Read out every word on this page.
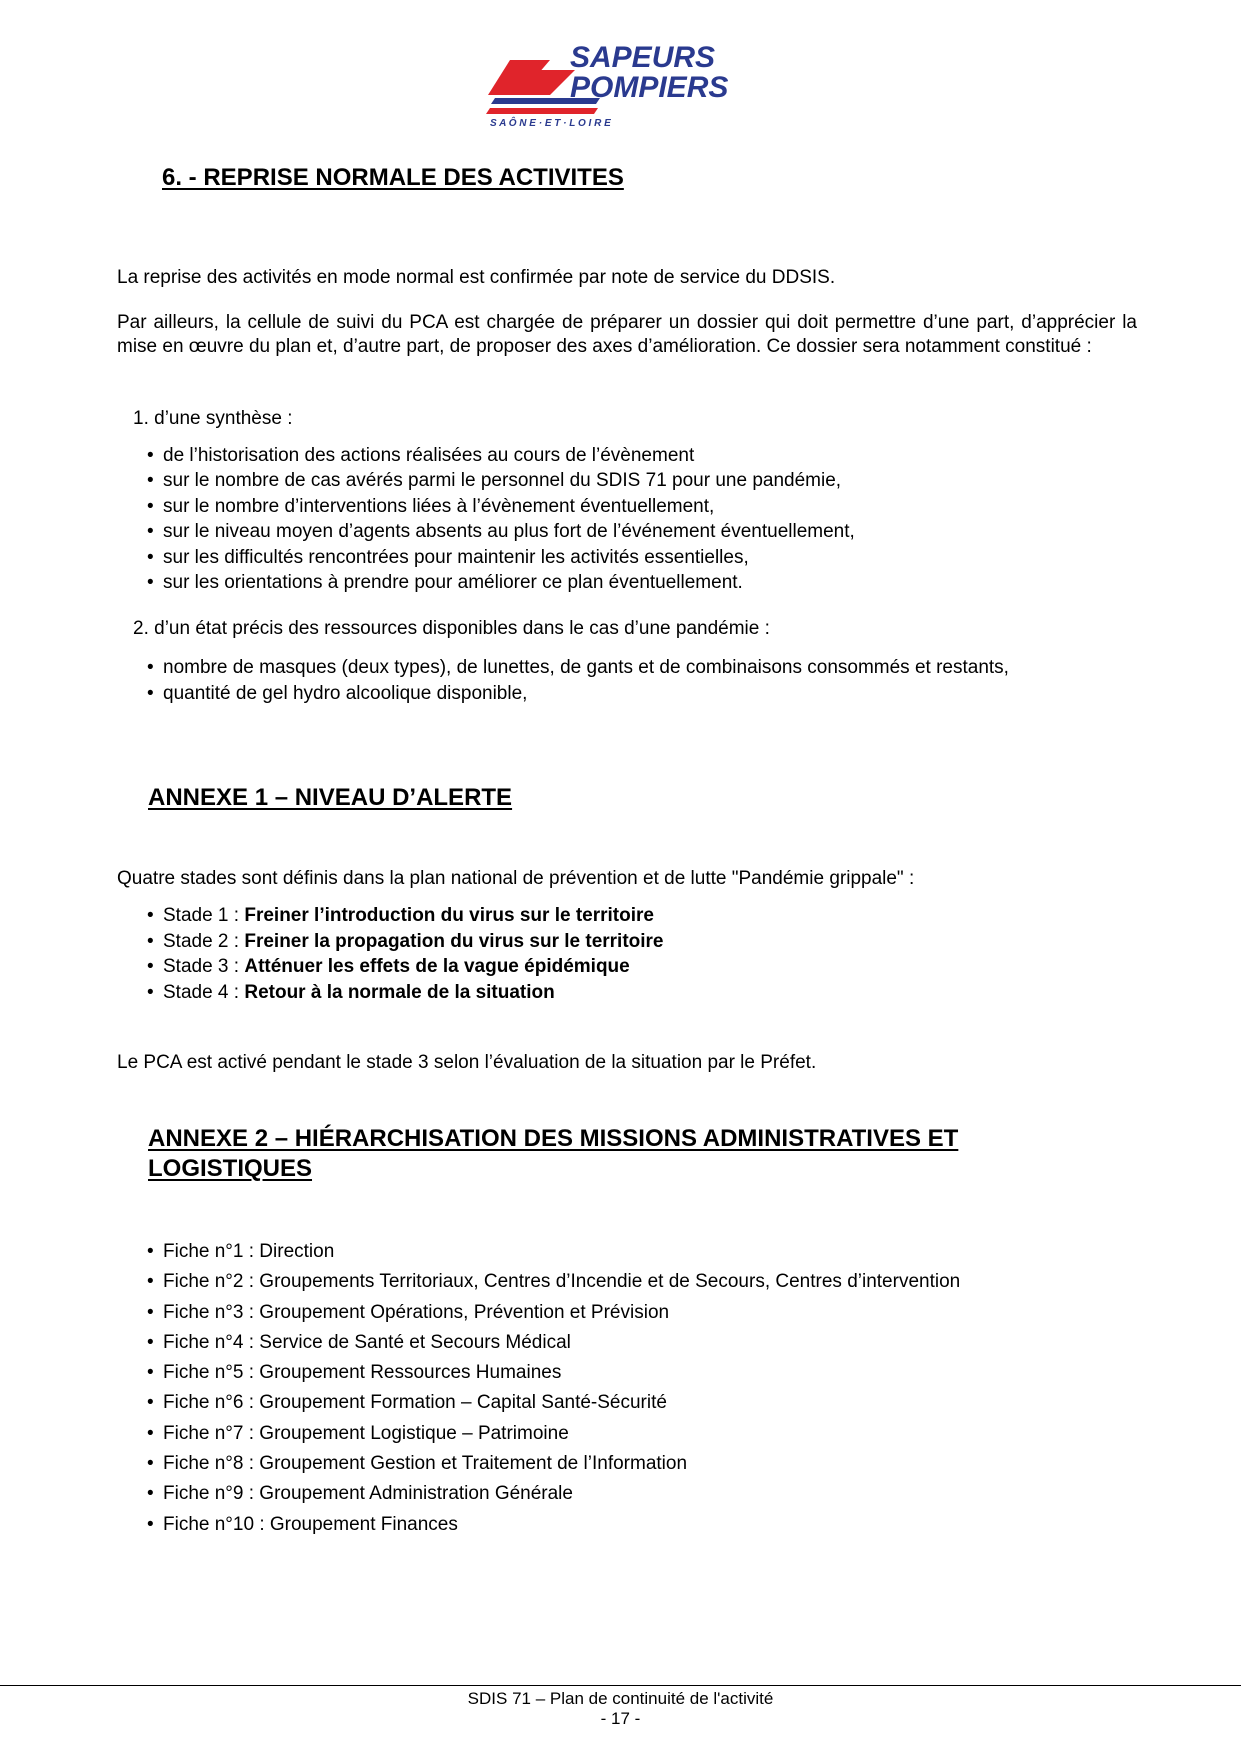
SAPEURS
POMPIERS
S A Ô N E · E T · L O I R E
6. - REPRISE NORMALE DES ACTIVITES
La reprise des activités en mode normal est confirmée par note de service du DDSIS.
Par ailleurs, la cellule de suivi du PCA est chargée de préparer un dossier qui doit permettre d’une part, d’apprécier la mise en œuvre du plan et, d’autre part, de proposer des axes d’amélioration. Ce dossier sera notamment constitué :
1. d’une synthèse :
• de l’historisation des actions réalisées au cours de l’évènement
• sur le nombre de cas avérés parmi le personnel du SDIS 71 pour une pandémie,
• sur le nombre d’interventions liées à l’évènement éventuellement,
• sur le niveau moyen d’agents absents au plus fort de l’événement éventuellement,
• sur les difficultés rencontrées pour maintenir les activités essentielles,
• sur les orientations à prendre pour améliorer ce plan éventuellement.
2. d’un état précis des ressources disponibles dans le cas d’une pandémie :
• nombre de masques (deux types), de lunettes, de gants et de combinaisons consommés et restants,
• quantité de gel hydro alcoolique disponible,
ANNEXE 1 – NIVEAU D’ALERTE
Quatre stades sont définis dans la plan national de prévention et de lutte "Pandémie grippale" :
• Stade 1 : Freiner l’introduction du virus sur le territoire
• Stade 2 : Freiner la propagation du virus sur le territoire
• Stade 3 : Atténuer les effets de la vague épidémique
• Stade 4 : Retour à la normale de la situation
Le PCA est activé pendant le stade 3 selon l’évaluation de la situation par le Préfet.
ANNEXE 2 – HIÉRARCHISATION DES MISSIONS ADMINISTRATIVES ET
LOGISTIQUES
• Fiche n°1 : Direction
• Fiche n°2 : Groupements Territoriaux, Centres d’Incendie et de Secours, Centres d’intervention
• Fiche n°3 : Groupement Opérations, Prévention et Prévision
• Fiche n°4 : Service de Santé et Secours Médical
• Fiche n°5 : Groupement Ressources Humaines
• Fiche n°6 : Groupement Formation – Capital Santé-Sécurité
• Fiche n°7 : Groupement Logistique – Patrimoine
• Fiche n°8 : Groupement Gestion et Traitement de l’Information
• Fiche n°9 : Groupement Administration Générale
• Fiche n°10 : Groupement Finances
SDIS 71 – Plan de continuité de l'activité
- 17 -
